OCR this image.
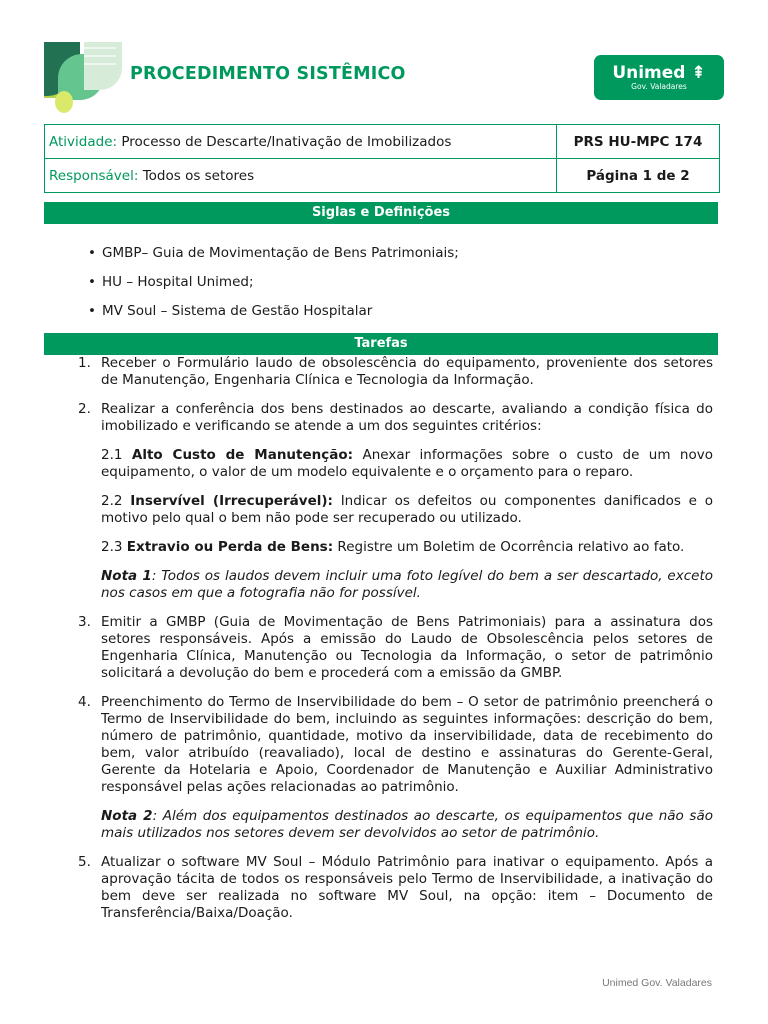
PROCEDIMENTO SISTÊMICO	Unimed ⇞
Gov. Valadares
Atividade: Processo de Descarte/Inativação de Imobilizados	PRS HU-MPC 174
Responsável: Todos os setores	Página 1 de 2
Siglas e Definições
• GMBP– Guia de Movimentação de Bens Patrimoniais;
• HU – Hospital Unimed;
• MV Soul – Sistema de Gestão Hospitalar
Tarefas
1. Receber o Formulário laudo de obsolescência do equipamento, proveniente dos setores de Manutenção, Engenharia Clínica e Tecnologia da Informação.
2. Realizar a conferência dos bens destinados ao descarte, avaliando a condição física do imobilizado e verificando se atende a um dos seguintes critérios:

2.1 Alto Custo de Manutenção: Anexar informações sobre o custo de um novo equipamento, o valor de um modelo equivalente e o orçamento para o reparo.

2.2 Inservível (Irrecuperável): Indicar os defeitos ou componentes danificados e o motivo pelo qual o bem não pode ser recuperado ou utilizado.

2.3 Extravio ou Perda de Bens: Registre um Boletim de Ocorrência relativo ao fato.

Nota 1: Todos os laudos devem incluir uma foto legível do bem a ser descartado, exceto nos casos em que a fotografia não for possível.

3. Emitir a GMBP (Guia de Movimentação de Bens Patrimoniais) para a assinatura dos setores responsáveis. Após a emissão do Laudo de Obsolescência pelos setores de Engenharia Clínica, Manutenção ou Tecnologia da Informação, o setor de patrimônio solicitará a devolução do bem e procederá com a emissão da GMBP.
4. Preenchimento do Termo de Inservibilidade do bem – O setor de patrimônio preencherá o Termo de Inservibilidade do bem, incluindo as seguintes informações: descrição do bem, número de patrimônio, quantidade, motivo da inservibilidade, data de recebimento do bem, valor atribuído (reavaliado), local de destino e assinaturas do Gerente-Geral, Gerente da Hotelaria e Apoio, Coordenador de Manutenção e Auxiliar Administrativo responsável pelas ações relacionadas ao patrimônio.

Nota 2: Além dos equipamentos destinados ao descarte, os equipamentos que não são mais utilizados nos setores devem ser devolvidos ao setor de patrimônio.

5. Atualizar o software MV Soul – Módulo Patrimônio para inativar o equipamento. Após a aprovação tácita de todos os responsáveis pelo Termo de Inservibilidade, a inativação do bem deve ser realizada no software MV Soul, na opção: item – Documento de Transferência/Baixa/Doação.
Unimed Gov. Valadares
